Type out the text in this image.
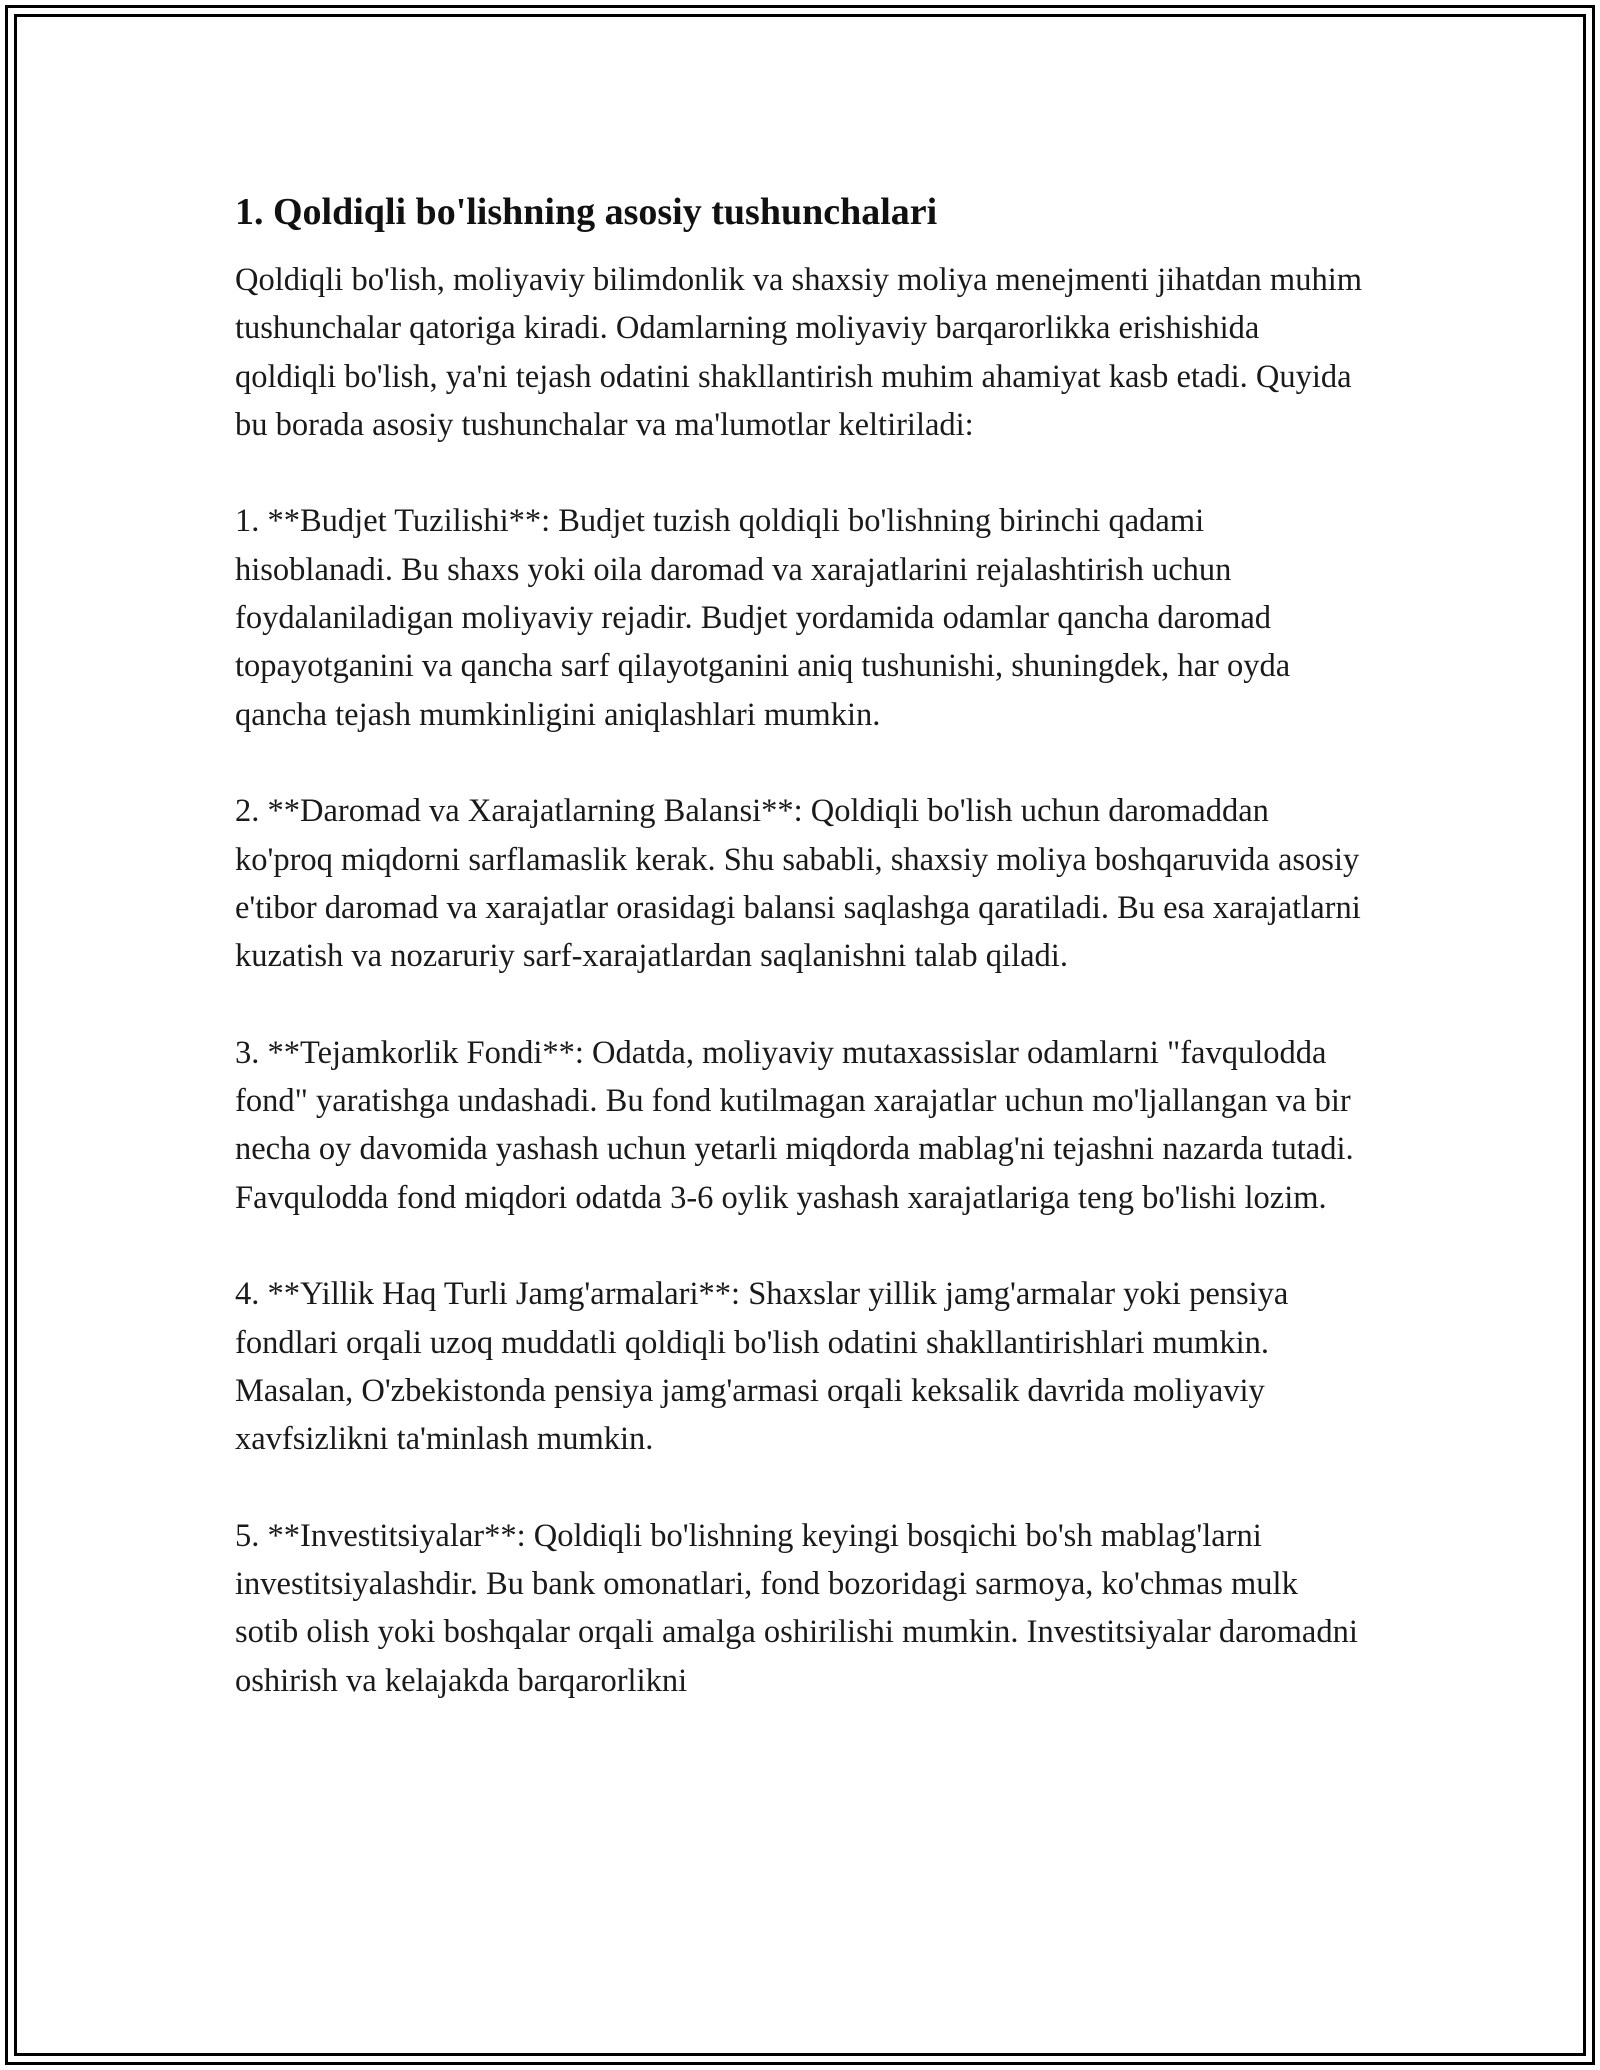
1. Qoldiqli bo'lishning asosiy tushunchalari

Qoldiqli bo'lish, moliyaviy bilimdonlik va shaxsiy moliya menejmenti jihatdan muhim tushunchalar qatoriga kiradi. Odamlarning moliyaviy barqarorlikka erishishida qoldiqli bo'lish, ya'ni tejash odatini shakllantirish muhim ahamiyat kasb etadi. Quyida bu borada asosiy tushunchalar va ma'lumotlar keltiriladi:

1. **Budjet Tuzilishi**: Budjet tuzish qoldiqli bo'lishning birinchi qadami hisoblanadi. Bu shaxs yoki oila daromad va xarajatlarini rejalashtirish uchun foydalaniladigan moliyaviy rejadir. Budjet yordamida odamlar qancha daromad topayotganini va qancha sarf qilayotganini aniq tushunishi, shuningdek, har oyda qancha tejash mumkinligini aniqlashlari mumkin.

2. **Daromad va Xarajatlarning Balansi**: Qoldiqli bo'lish uchun daromaddan ko'proq miqdorni sarflamaslik kerak. Shu sababli, shaxsiy moliya boshqaruvida asosiy e'tibor daromad va xarajatlar orasidagi balansi saqlashga qaratiladi. Bu esa xarajatlarni kuzatish va nozaruriy sarf-xarajatlardan saqlanishni talab qiladi.

3. **Tejamkorlik Fondi**: Odatda, moliyaviy mutaxassislar odamlarni "favqulodda fond" yaratishga undashadi. Bu fond kutilmagan xarajatlar uchun mo'ljallangan va bir necha oy davomida yashash uchun yetarli miqdorda mablag'ni tejashni nazarda tutadi. Favqulodda fond miqdori odatda 3-6 oylik yashash xarajatlariga teng bo'lishi lozim.

4. **Yillik Haq Turli Jamg'armalari**: Shaxslar yillik jamg'armalar yoki pensiya fondlari orqali uzoq muddatli qoldiqli bo'lish odatini shakllantirishlari mumkin. Masalan, O'zbekistonda pensiya jamg'armasi orqali keksalik davrida moliyaviy xavfsizlikni ta'minlash mumkin.

5. **Investitsiyalar**: Qoldiqli bo'lishning keyingi bosqichi bo'sh mablag'larni investitsiyalashdir. Bu bank omonatlari, fond bozoridagi sarmoya, ko'chmas mulk sotib olish yoki boshqalar orqali amalga oshirilishi mumkin. Investitsiyalar daromadni oshirish va kelajakda barqarorlikni
